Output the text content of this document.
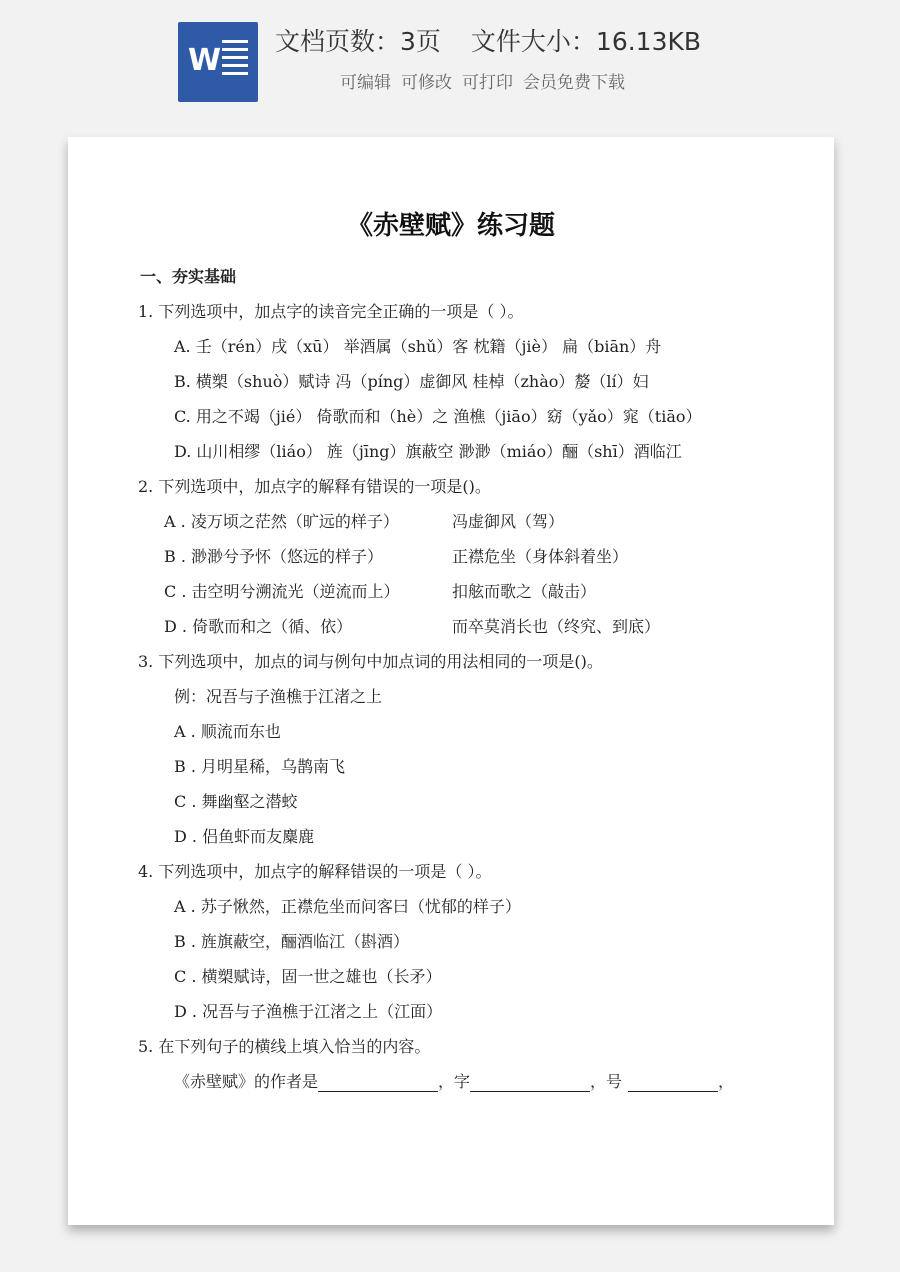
W
文档页数：3页 文件大小：16.13KB
可编辑 可修改 可打印 会员免费下载
《赤壁赋》练习题
一、夯实基础
1. 下列选项中，加点字的读音完全正确的一项是（ ）。
A. 壬（rén）戌（xū） 举酒属（shǔ）客 枕籍（jiè） 扁（biān）舟
B. 横槊（shuò）赋诗 冯（píng）虚御风 桂棹（zhào）嫠（lí）妇
C. 用之不竭（jié） 倚歌而和（hè）之 渔樵（jiāo）窈（yǎo）窕（tiāo）
D. 山川相缪（liáo） 旌（jīng）旗蔽空 渺渺（miáo）酾（shī）酒临江
2. 下列选项中，加点字的解释有错误的一项是()。
A . 凌万顷之茫然（旷远的样子）	冯虚御风（驾）
B . 渺渺兮予怀（悠远的样子）	正襟危坐（身体斜着坐）
C . 击空明兮溯流光（逆流而上）	扣舷而歌之（敲击）
D . 倚歌而和之（循、依）	而卒莫消长也（终究、到底）
3. 下列选项中，加点的词与例句中加点词的用法相同的一项是()。
例：况吾与子渔樵于江渚之上
A . 顺流而东也
B . 月明星稀，乌鹊南飞
C . 舞幽壑之潜蛟
D . 侣鱼虾而友麋鹿
4. 下列选项中，加点字的解释错误的一项是（ ）。
A . 苏子愀然，正襟危坐而问客曰（忧郁的样子）
B . 旌旗蔽空，酾酒临江（斟酒）
C . 横槊赋诗，固一世之雄也（长矛）
D . 况吾与子渔樵于江渚之上（江面）
5. 在下列句子的横线上填入恰当的内容。
《赤壁赋》的作者是	，字	，号	，
